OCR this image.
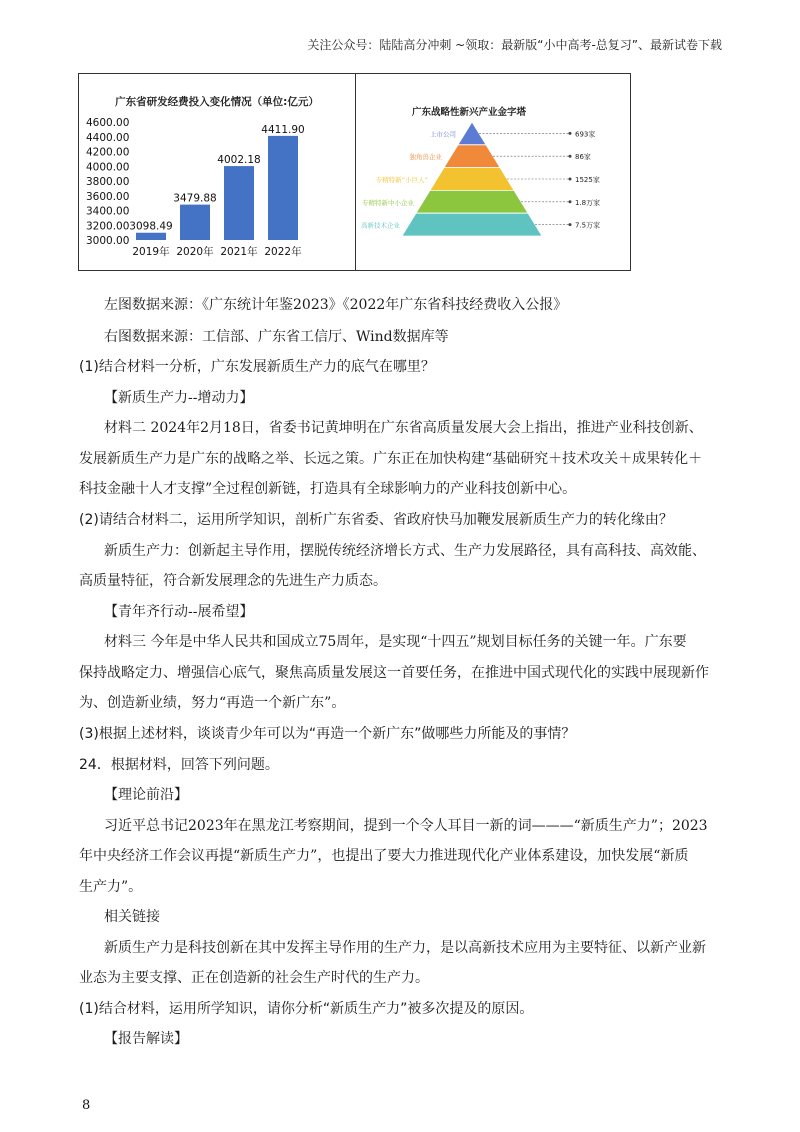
关注公众号：陆陆高分冲刺 ~领取：最新版“小中高考-总复习”、最新试卷下载
广东省研发经费投入变化情况（单位:亿元）
4600.00
4400.00
4200.00
4000.00
3800.00
3600.00
3400.00
3200.00
3000.00
3098.49
2019年
3479.88
2020年
4002.18
2021年
4411.90
2022年
广东战略性新兴产业金字塔
上市公司	693家
独角兽企业	86家
专精特新“小巨人”	1525家
专精特新中小企业	1.8万家
高新技术企业	7.5万家
左图数据来源：《广东统计年鉴2023》《2022年广东省科技经费收入公报》
右图数据来源：工信部、广东省工信厅、Wind数据库等
(1)结合材料一分析，广东发展新质生产力的底气在哪里？
【新质生产力--增动力】
材料二 2024年2月18日，省委书记黄坤明在广东省高质量发展大会上指出，推进产业科技创新、
发展新质生产力是广东的战略之举、长远之策。广东正在加快构建“基础研究＋技术攻关＋成果转化＋
科技金融十人才支撑”全过程创新链，打造具有全球影响力的产业科技创新中心。
(2)请结合材料二，运用所学知识，剖析广东省委、省政府快马加鞭发展新质生产力的转化缘由？
新质生产力：创新起主导作用，摆脱传统经济增长方式、生产力发展路径，具有高科技、高效能、
高质量特征，符合新发展理念的先进生产力质态。
【青年齐行动--展希望】
材料三 今年是中华人民共和国成立75周年，是实现“十四五”规划目标任务的关键一年。广东要
保持战略定力、增强信心底气，聚焦高质量发展这一首要任务，在推进中国式现代化的实践中展现新作
为、创造新业绩，努力“再造一个新广东”。
(3)根据上述材料，谈谈青少年可以为“再造一个新广东”做哪些力所能及的事情？
24．根据材料，回答下列问题。
【理论前沿】
习近平总书记2023年在黑龙江考察期间，提到一个令人耳目一新的词———“新质生产力”；2023
年中央经济工作会议再提“新质生产力”，也提出了要大力推进现代化产业体系建设，加快发展“新质
生产力”。
相关链接
新质生产力是科技创新在其中发挥主导作用的生产力，是以高新技术应用为主要特征、以新产业新
业态为主要支撑、正在创造新的社会生产时代的生产力。
(1)结合材料，运用所学知识，请你分析“新质生产力”被多次提及的原因。
【报告解读】
8
